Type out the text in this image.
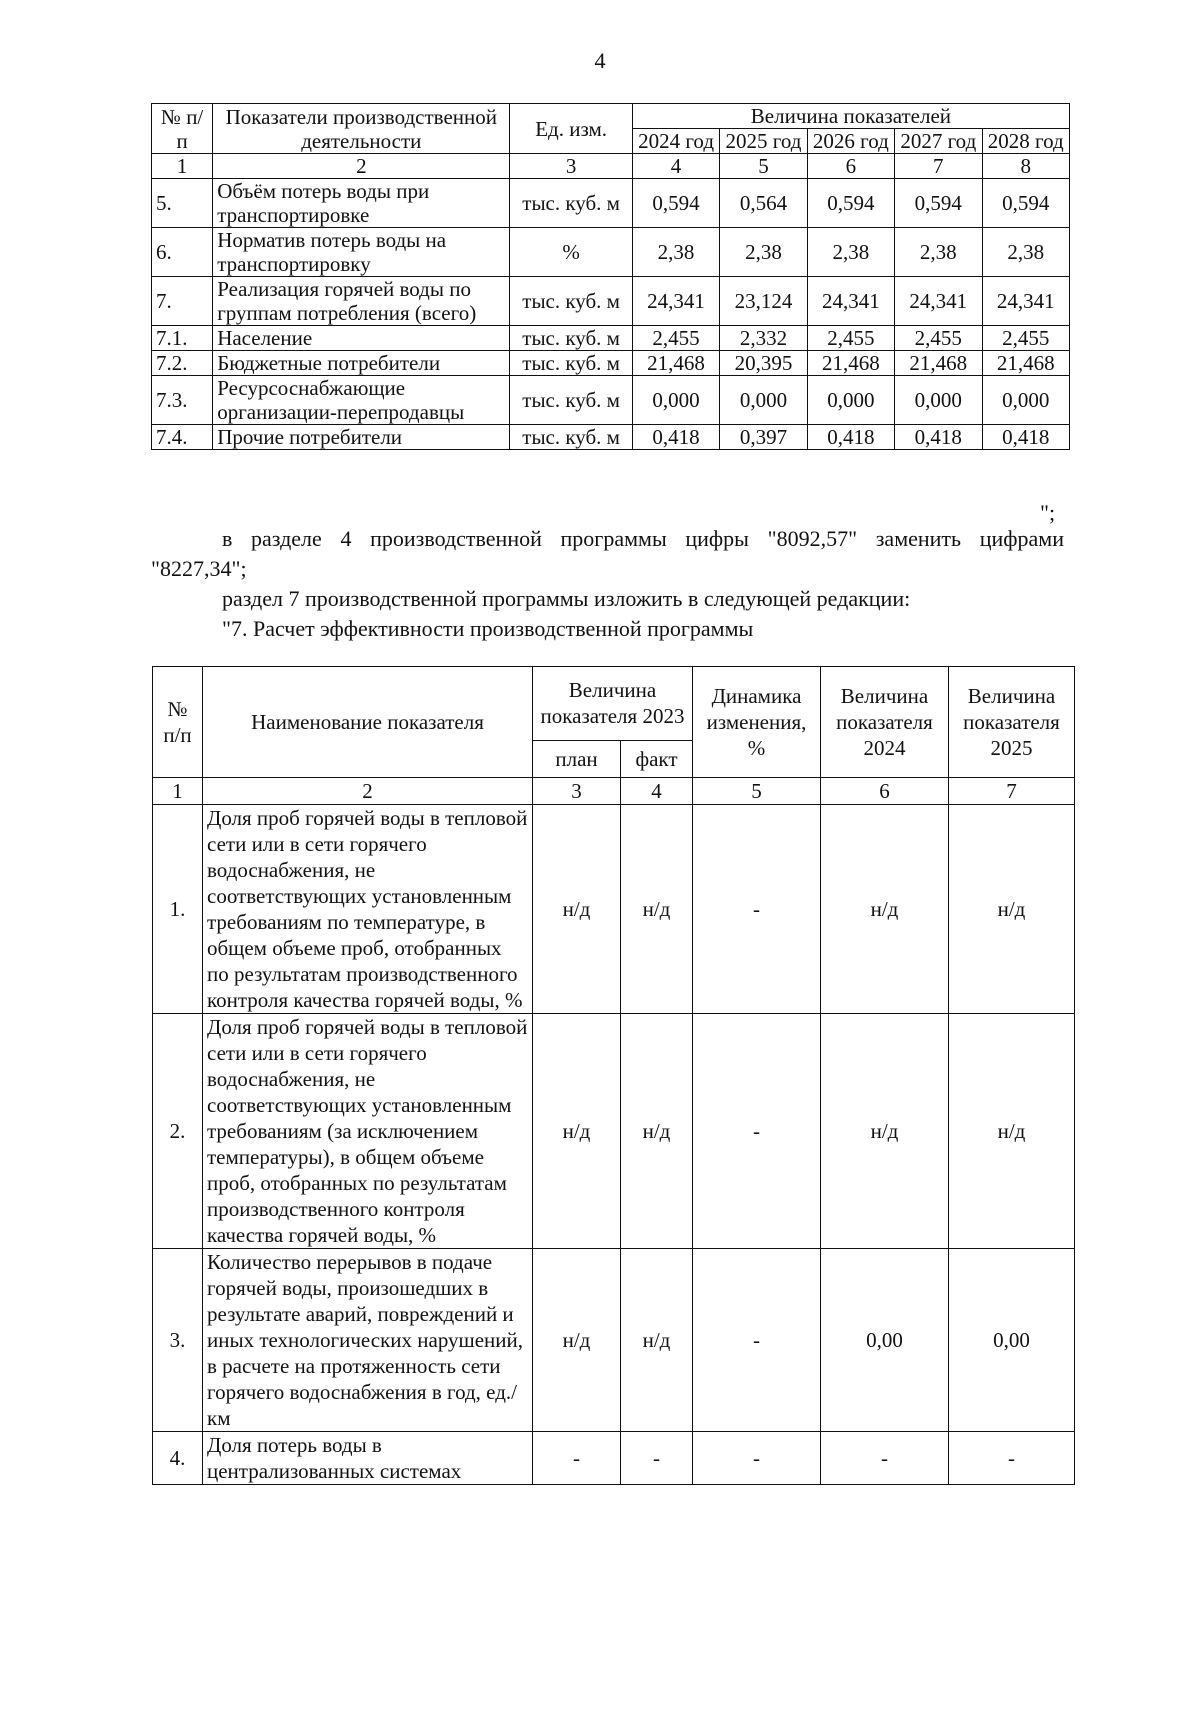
4
№ п/п	Показатели производственной деятельности	Ед. изм.	Величина показателей				
			2024 год	2025 год	2026 год	2027 год	2028 год
1	2	3	4	5	6	7	8
5.	Объём потерь воды при транспортировке	тыс. куб. м	0,594	0,564	0,594	0,594	0,594
6.	Норматив потерь воды на транспортировку	%	2,38	2,38	2,38	2,38	2,38
7.	Реализация горячей воды по группам потребления (всего)	тыс. куб. м	24,341	23,124	24,341	24,341	24,341
7.1.	Население	тыс. куб. м	2,455	2,332	2,455	2,455	2,455
7.2.	Бюджетные потребители	тыс. куб. м	21,468	20,395	21,468	21,468	21,468
7.3.	Ресурсоснабжающие организации-перепродавцы	тыс. куб. м	0,000	0,000	0,000	0,000	0,000
7.4.	Прочие потребители	тыс. куб. м	0,418	0,397	0,418	0,418	0,418
";
в разделе 4 производственной программы цифры "8092,57" заменить цифрами
"8227,34";
раздел 7 производственной программы изложить в следующей редакции:
"7. Расчет эффективности производственной программы
№ п/п	Наименование показателя	Величина показателя 2023		Динамика изменения, %	Величина показателя 2024	Величина показателя 2025
		план	факт			
1	2	3	4	5	6	7
1.	Доля проб горячей воды в тепловой сети или в сети горячего водоснабжения, не соответствующих установленным требованиям по температуре, в общем объеме проб, отобранных по результатам производственного контроля качества горячей воды, %	н/д	н/д	-	н/д	н/д
2.	Доля проб горячей воды в тепловой сети или в сети горячего водоснабжения, не соответствующих установленным требованиям (за исключением температуры), в общем объеме проб, отобранных по результатам производственного контроля качества горячей воды, %	н/д	н/д	-	н/д	н/д
3.	Количество перерывов в подаче горячей воды, произошедших в результате аварий, повреждений и иных технологических нарушений, в расчете на протяженность сети горячего водоснабжения в год, ед./км	н/д	н/д	-	0,00	0,00
4.	Доля потерь воды в централизованных системах	-	-	-	-	-
